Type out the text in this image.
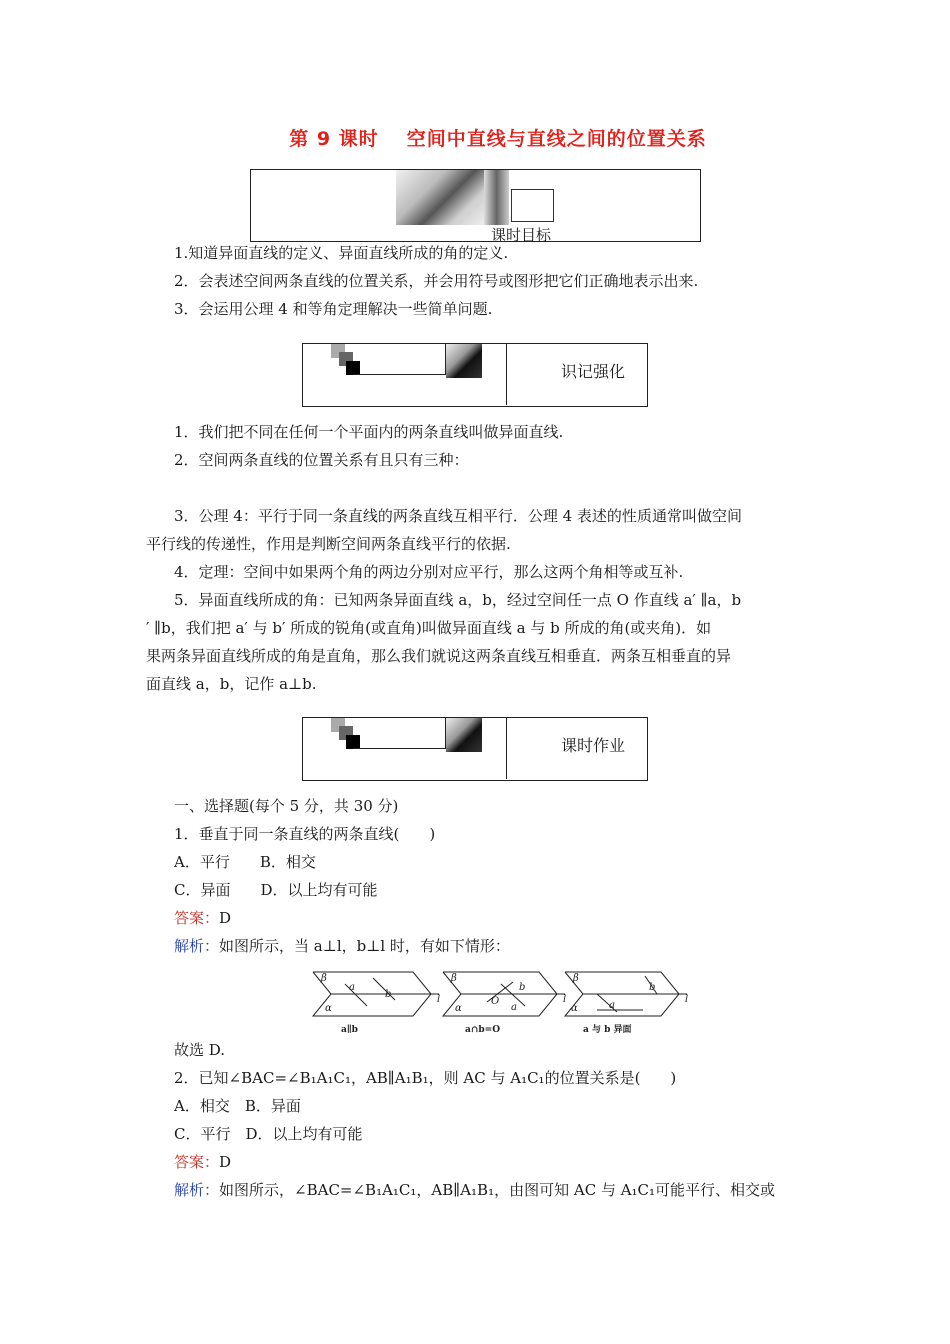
第 9 课时 空间中直线与直线之间的位置关系
课时目标
1.知道异面直线的定义、异面直线所成的角的定义.
2．会表述空间两条直线的位置关系，并会用符号或图形把它们正确地表示出来.
3．会运用公理 4 和等角定理解决一些简单问题.
识记强化
1．我们把不同在任何一个平面内的两条直线叫做异面直线.
2．空间两条直线的位置关系有且只有三种：
3．公理 4：平行于同一条直线的两条直线互相平行．公理 4 表述的性质通常叫做空间
平行线的传递性，作用是判断空间两条直线平行的依据.
4．定理：空间中如果两个角的两边分别对应平行，那么这两个角相等或互补.
5．异面直线所成的角：已知两条异面直线 a，b，经过空间任一点 O 作直线 a′ ∥a，b
′ ∥b，我们把 a′ 与 b′ 所成的锐角(或直角)叫做异面直线 a 与 b 所成的角(或夹角)．如
果两条异面直线所成的角是直角，那么我们就说这两条直线互相垂直．两条互相垂直的异
面直线 a，b，记作 a⊥b.
课时作业
一、选择题(每个 5 分，共 30 分)
1．垂直于同一条直线的两条直线(　　)
A．平行　　B．相交
C．异面　　D．以上均有可能
答案：D
解析：如图所示，当 a⊥l，b⊥l 时，有如下情形：
β
a
b	l
α
a∥b
β
b
O
a
l
α
a∩b=O
β
b
a
l
α
a 与 b 异面
故选 D.
2．已知∠BAC=∠B₁A₁C₁，AB∥A₁B₁，则 AC 与 A₁C₁的位置关系是(　　)
A．相交　B．异面
C．平行　D．以上均有可能
答案：D
解析：如图所示，∠BAC=∠B₁A₁C₁，AB∥A₁B₁，由图可知 AC 与 A₁C₁可能平行、相交或
